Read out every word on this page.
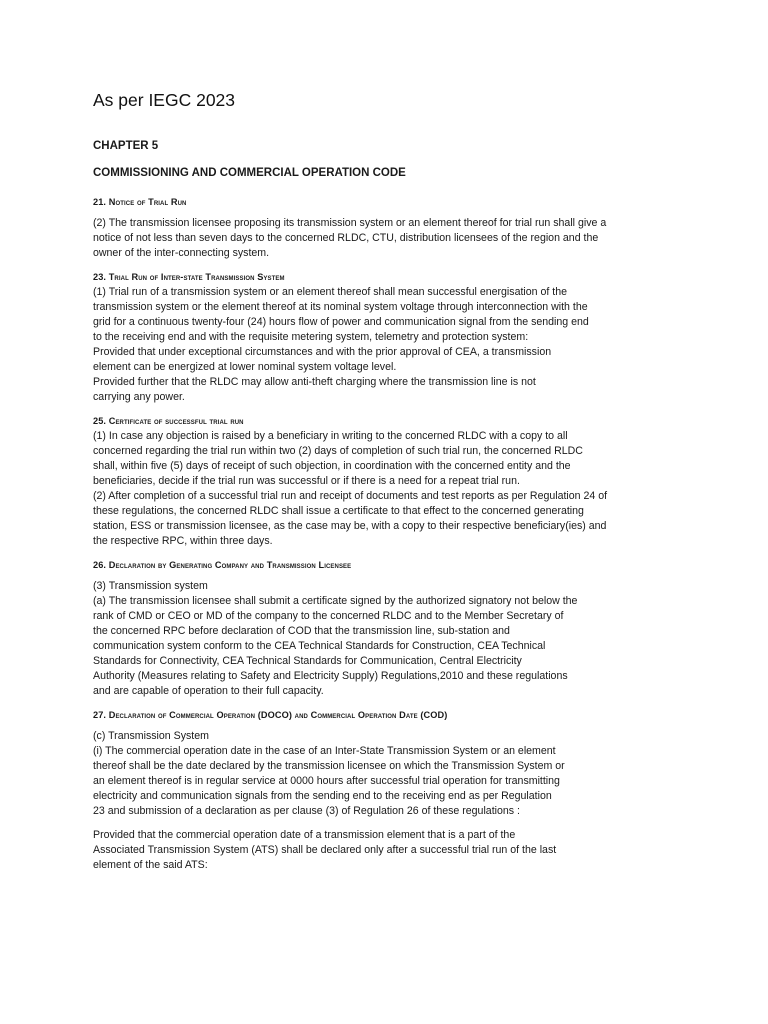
As per IEGC 2023
CHAPTER 5
COMMISSIONING AND COMMERCIAL OPERATION CODE
21. Notice of Trial Run

(2) The transmission licensee proposing its transmission system or an element thereof for trial run shall give a
notice of not less than seven days to the concerned RLDC, CTU, distribution licensees of the region and the
owner of the inter-connecting system.

23. Trial Run of Inter-state Transmission System

(1) Trial run of a transmission system or an element thereof shall mean successful energisation of the
transmission system or the element thereof at its nominal system voltage through interconnection with the
grid for a continuous twenty-four (24) hours flow of power and communication signal from the sending end
to the receiving end and with the requisite metering system, telemetry and protection system:
Provided that under exceptional circumstances and with the prior approval of CEA, a transmission
element can be energized at lower nominal system voltage level.
Provided further that the RLDC may allow anti-theft charging where the transmission line is not
carrying any power.

25. Certificate of successful trial run

(1) In case any objection is raised by a beneficiary in writing to the concerned RLDC with a copy to all
concerned regarding the trial run within two (2) days of completion of such trial run, the concerned RLDC
shall, within five (5) days of receipt of such objection, in coordination with the concerned entity and the
beneficiaries, decide if the trial run was successful or if there is a need for a repeat trial run.
(2) After completion of a successful trial run and receipt of documents and test reports as per Regulation 24 of
these regulations, the concerned RLDC shall issue a certificate to that effect to the concerned generating
station, ESS or transmission licensee, as the case may be, with a copy to their respective beneficiary(ies) and
the respective RPC, within three days.

26. Declaration by Generating Company and Transmission Licensee

(3) Transmission system
(a) The transmission licensee shall submit a certificate signed by the authorized signatory not below the
rank of CMD or CEO or MD of the company to the concerned RLDC and to the Member Secretary of
the concerned RPC before declaration of COD that the transmission line, sub-station and
communication system conform to the CEA Technical Standards for Construction, CEA Technical
Standards for Connectivity, CEA Technical Standards for Communication, Central Electricity
Authority (Measures relating to Safety and Electricity Supply) Regulations,2010 and these regulations
and are capable of operation to their full capacity.

27. Declaration of Commercial Operation (DOCO) and Commercial Operation Date (COD)

(c) Transmission System
(i) The commercial operation date in the case of an Inter-State Transmission System or an element
thereof shall be the date declared by the transmission licensee on which the Transmission System or
an element thereof is in regular service at 0000 hours after successful trial operation for transmitting
electricity and communication signals from the sending end to the receiving end as per Regulation
23 and submission of a declaration as per clause (3) of Regulation 26 of these regulations :

Provided that the commercial operation date of a transmission element that is a part of the
Associated Transmission System (ATS) shall be declared only after a successful trial run of the last
element of the said ATS:
